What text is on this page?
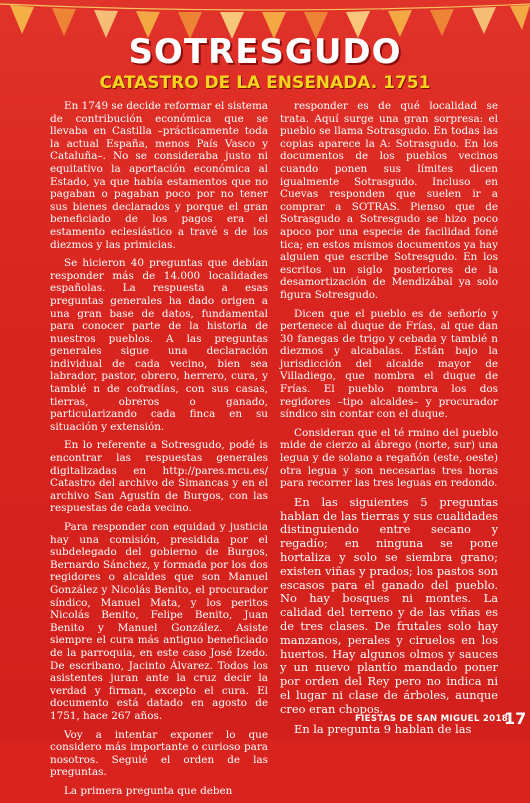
SOTRESGUDO
CATASTRO DE LA ENSENADA. 1751

En 1749 se decide reformar el sistema de contribución económica que se llevaba en Castilla –prácticamente toda la actual España, menos País Vasco y Cataluña–. No se consideraba justo ni equitativo la aportación económica al Estado, ya que había estamentos que no pagaban o pagaban poco por no tener sus bienes declarados y porque el gran beneficiado de los pagos era el estamento eclesiástico a travé s de los diezmos y las primicias.

Se hicieron 40 preguntas que debían responder más de 14.000 localidades españolas. La respuesta a esas preguntas generales ha dado origen a una gran base de datos, fundamental para conocer parte de la historia de nuestros pueblos. A las preguntas generales sigue una declaración individual de cada vecino, bien sea labrador, pastor, obrero, herrero, cura, y tambié n de cofradías, con sus casas, tierras, obreros o ganado, particularizando cada finca en su situación y extensión.

En lo referente a Sotresgudo, podé is encontrar las respuestas generales digitalizadas en http://pares.mcu.es/ Catastro del archivo de Simancas y en el archivo San Agustín de Burgos, con las respuestas de cada vecino.

Para responder con equidad y justicia hay una comisión, presidida por el subdelegado del gobierno de Burgos, Bernardo Sánchez, y formada por los dos regidores o alcaldes que son Manuel González y Nicolás Benito, el procurador síndico, Manuel Mata, y los peritos Nicolás Benito, Felipe Benito, Juan Benito y Manuel González. Asiste siempre el cura más antiguo beneficiado de la parroquia, en este caso José Izedo. De escribano, Jacinto Álvarez. Todos los asistentes juran ante la cruz decir la verdad y firman, excepto el cura. El documento está datado en agosto de 1751, hace 267 años.

Voy a intentar exponer lo que considero más importante o curioso para nosotros. Seguié el orden de las preguntas.

La primera pregunta que deben

responder es de qué localidad se trata. Aquí surge una gran sorpresa: el pueblo se llama Sotrasgudo. En todas las copias aparece la A: Sotrasgudo. En los documentos de los pueblos vecinos cuando ponen sus límites dicen igualmente Sotrasgudo. Incluso en Cuevas responden que suelen ir a comprar a SOTRAS. Pienso que de Sotrasgudo a Sotresgudo se hizo poco apoco por una especie de facilidad foné tica; en estos mismos documentos ya hay alguien que escribe Sotresgudo. En los escritos un siglo posteriores de la desamortización de Mendizábal ya solo figura Sotresgudo.

Dicen que el pueblo es de señorío y pertenece al duque de Frías, al que dan 30 fanegas de trigo y cebada y tambié n diezmos y alcabalas. Están bajo la jurisdicción del alcalde mayor de Villadiego, que nombra el duque de Frías. El pueblo nombra los dos regidores –tipo alcaldes– y procurador síndico sin contar con el duque.

Consideran que el té rmino del pueblo mide de cierzo al ábrego (norte, sur) una legua y de solano a regañón (este, oeste) otra legua y son necesarias tres horas para recorrer las tres leguas en redondo.

En las siguientes 5 preguntas hablan de las tierras y sus cualidades distinguiendo entre secano y regadío; en ninguna se pone hortaliza y solo se siembra grano; existen viñas y prados; los pastos son escasos para el ganado del pueblo. No hay bosques ni montes. La calidad del terreno y de las viñas es de tres clases. De frutales solo hay manzanos, perales y ciruelos en los huertos. Hay algunos olmos y sauces y un nuevo plantío mandado poner por orden del Rey pero no indica ni el lugar ni clase de árboles, aunque creo eran chopos.

En la pregunta 9 hablan de las

FIESTAS DE SAN MIGUEL 2018
17
